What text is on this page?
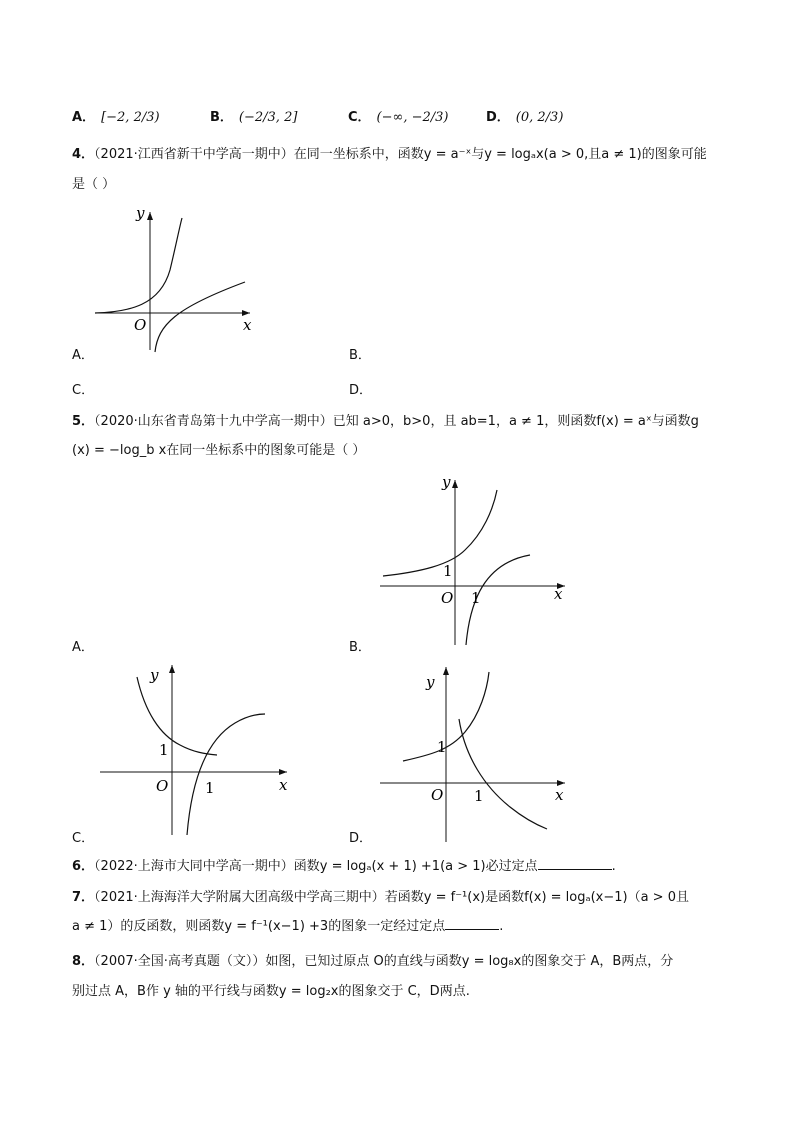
A． [−2, 2/3)	B． (−2/3, 2]	C． (−∞, −2/3)	D． (0, 2/3)
4．（2021·江西省新干中学高一期中）在同一坐标系中，函数y = a⁻ˣ与y = logₐx(a > 0,且a ≠ 1)的图象可能
是（ ）
y
x
O
A．	B．
C．	D．
5．（2020·山东省青岛第十九中学高一期中）已知 a>0，b>0，且 ab=1，a ≠ 1，则函数f(x) = aˣ与函数g
(x) = −log_b x在同一坐标系中的图象可能是（ ）
y
x
O
1
1
A．	B．
y
x
O
1
1
y
x
O
1
1
C．	D．
6．（2022·上海市大同中学高一期中）函数y = logₐ(x + 1) +1(a > 1)必过定点	.
7．（2021·上海海洋大学附属大团高级中学高三期中）若函数y = f⁻¹(x)是函数f(x) = logₐ(x−1)（a > 0且
a ≠ 1）的反函数，则函数y = f⁻¹(x−1) +3的图象一定经过定点	.
8．（2007·全国·高考真题（文））如图，已知过原点 O的直线与函数y = log₈x的图象交于 A，B两点，分
别过点 A，B作 y 轴的平行线与函数y = log₂x的图象交于 C，D两点.
